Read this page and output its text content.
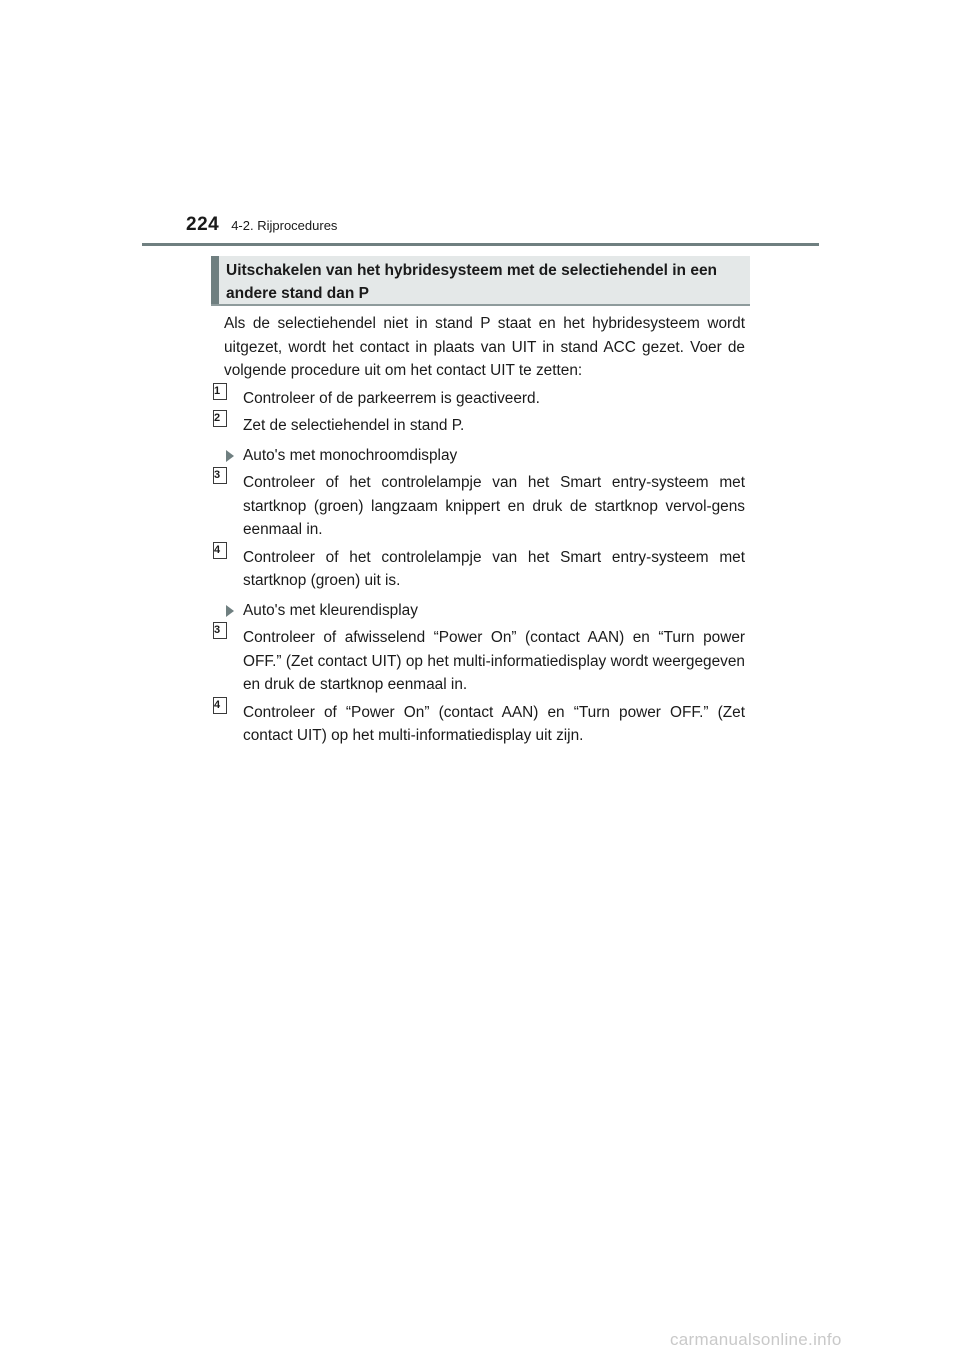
224 4-2. Rijprocedures
Uitschakelen van het hybridesysteem met de selectiehendel in een andere stand dan P

Als de selectiehendel niet in stand P staat en het hybridesysteem wordt uitgezet, wordt het contact in plaats van UIT in stand ACC gezet. Voer de volgende procedure uit om het contact UIT te zetten:

1	Controleer of de parkeerrem is geactiveerd.
2	Zet de selectiehendel in stand P.
Auto's met monochroomdisplay
3	Controleer of het controlelampje van het Smart entry-systeem met startknop (groen) langzaam knippert en druk de startknop vervol-gens eenmaal in.
4	Controleer of het controlelampje van het Smart entry-systeem met startknop (groen) uit is.
Auto's met kleurendisplay
3	Controleer of afwisselend “Power On” (contact AAN) en “Turn power OFF.” (Zet contact UIT) op het multi-informatiedisplay wordt weergegeven en druk de startknop eenmaal in.
4	Controleer of “Power On” (contact AAN) en “Turn power OFF.” (Zet contact UIT) op het multi-informatiedisplay uit zijn.
carmanualsonline.info
